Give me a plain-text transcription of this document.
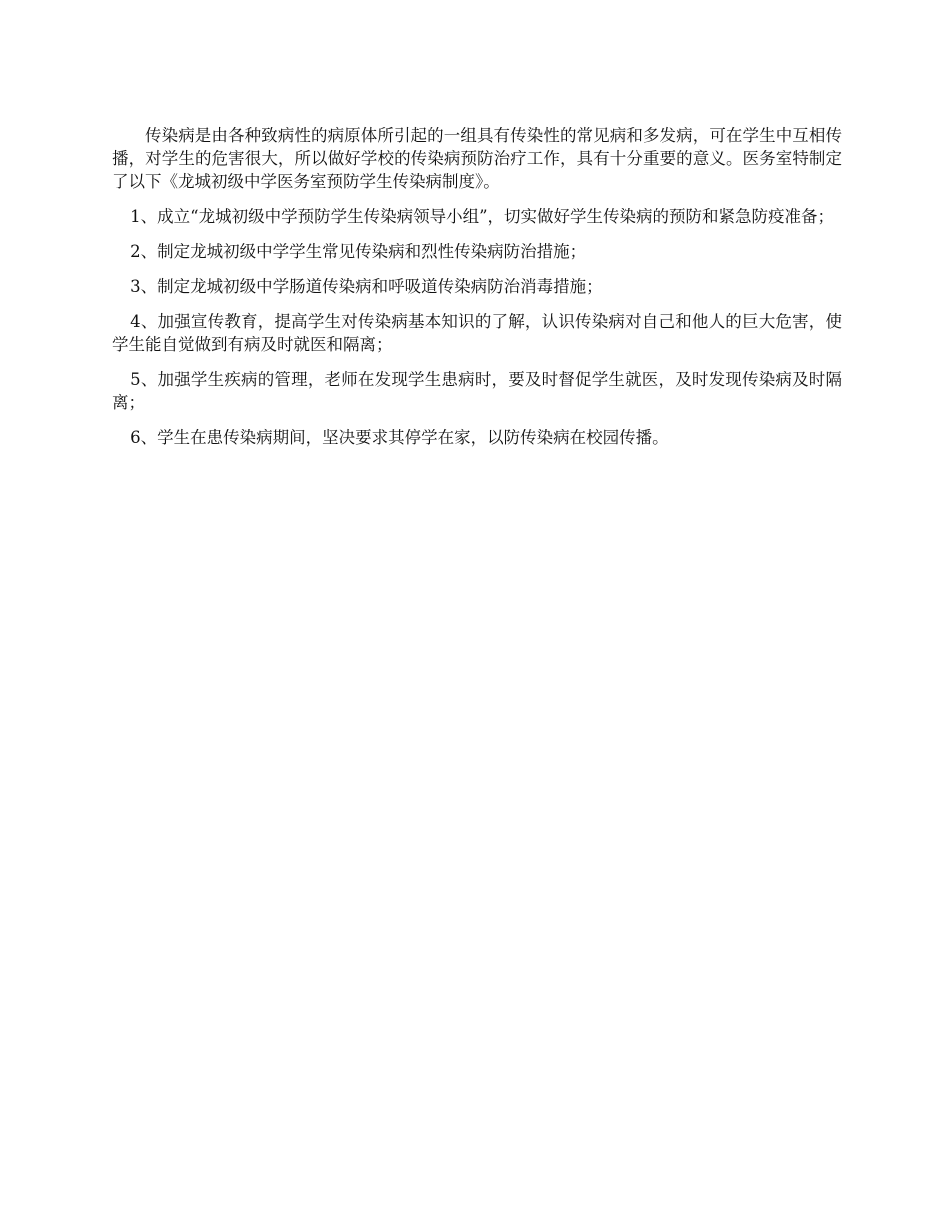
传染病是由各种致病性的病原体所引起的一组具有传染性的常见病和多发病，可在学生中互相传播，对学生的危害很大，所以做好学校的传染病预防治疗工作，具有十分重要的意义。医务室特制定了以下《龙城初级中学医务室预防学生传染病制度》。

1、成立“龙城初级中学预防学生传染病领导小组”，切实做好学生传染病的预防和紧急防疫准备；

2、制定龙城初级中学学生常见传染病和烈性传染病防治措施；

3、制定龙城初级中学肠道传染病和呼吸道传染病防治消毒措施；

4、加强宣传教育，提高学生对传染病基本知识的了解，认识传染病对自己和他人的巨大危害，使学生能自觉做到有病及时就医和隔离；

5、加强学生疾病的管理，老师在发现学生患病时，要及时督促学生就医，及时发现传染病及时隔离；

6、学生在患传染病期间，坚决要求其停学在家，以防传染病在校园传播。
